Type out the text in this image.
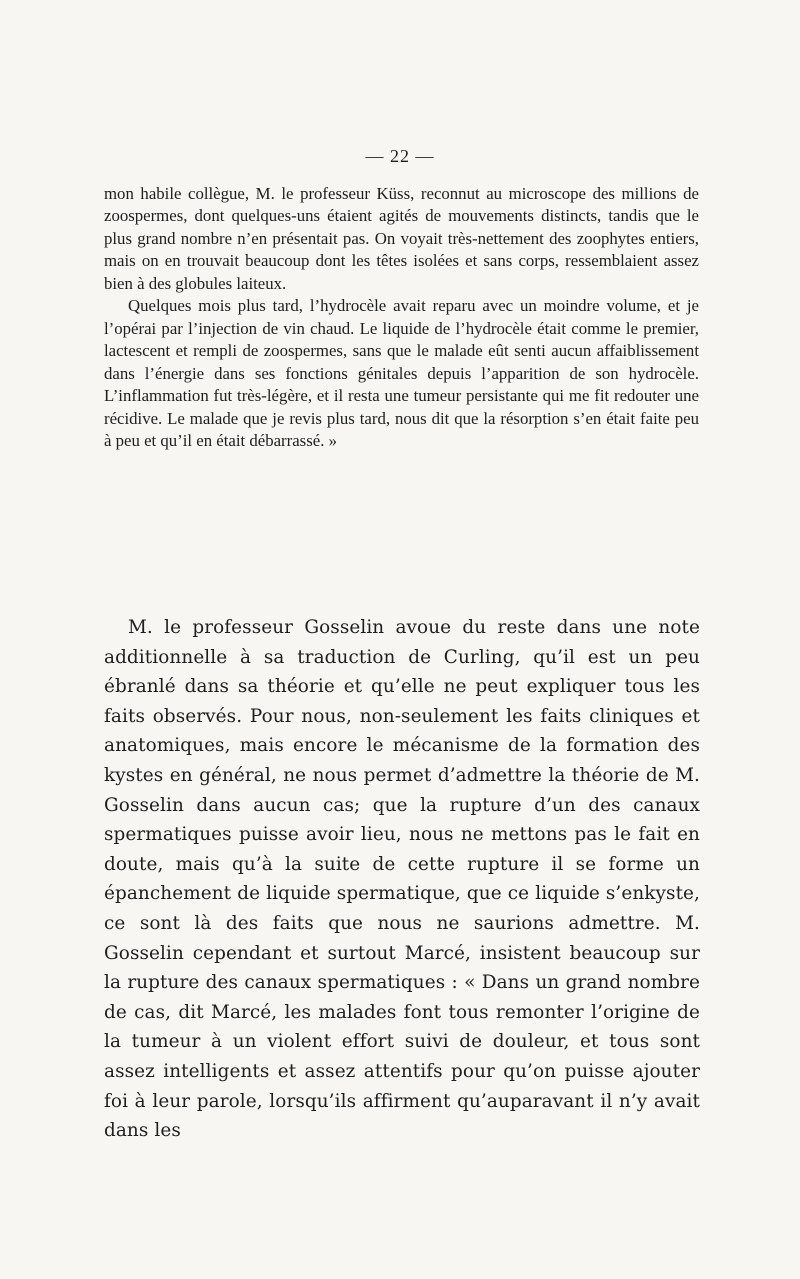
— 22 —

mon habile collègue, M. le professeur Küss, reconnut au microscope des millions de zoospermes, dont quelques-uns étaient agités de mouvements distincts, tandis que le plus grand nombre n’en présentait pas. On voyait très-nettement des zoophytes entiers, mais on en trouvait beaucoup dont les têtes isolées et sans corps, ressemblaient assez bien à des globules laiteux.

Quelques mois plus tard, l’hydrocèle avait reparu avec un moindre volume, et je l’opérai par l’injection de vin chaud. Le liquide de l’hydrocèle était comme le premier, lactescent et rempli de zoospermes, sans que le malade eût senti aucun affaiblissement dans l’énergie dans ses fonctions génitales depuis l’apparition de son hydrocèle. L’inflammation fut très-légère, et il resta une tumeur persistante qui me fit redouter une récidive. Le malade que je revis plus tard, nous dit que la résorption s’en était faite peu à peu et qu’il en était débarrassé. »

M. le professeur Gosselin avoue du reste dans une note additionnelle à sa traduction de Curling, qu’il est un peu ébranlé dans sa théorie et qu’elle ne peut expliquer tous les faits observés. Pour nous, non-seulement les faits cliniques et anatomiques, mais encore le mécanisme de la formation des kystes en général, ne nous permet d’admettre la théorie de M. Gosselin dans aucun cas; que la rupture d’un des canaux spermatiques puisse avoir lieu, nous ne mettons pas le fait en doute, mais qu’à la suite de cette rupture il se forme un épanchement de liquide spermatique, que ce liquide s’enkyste, ce sont là des faits que nous ne saurions admettre. M. Gosselin cependant et surtout Marcé, insistent beaucoup sur la rupture des canaux spermatiques : « Dans un grand nombre de cas, dit Marcé, les malades font tous remonter l’origine de la tumeur à un violent effort suivi de douleur, et tous sont assez intelligents et assez attentifs pour qu’on puisse ajouter foi à leur parole, lorsqu’ils affirment qu’auparavant il n’y avait dans les
